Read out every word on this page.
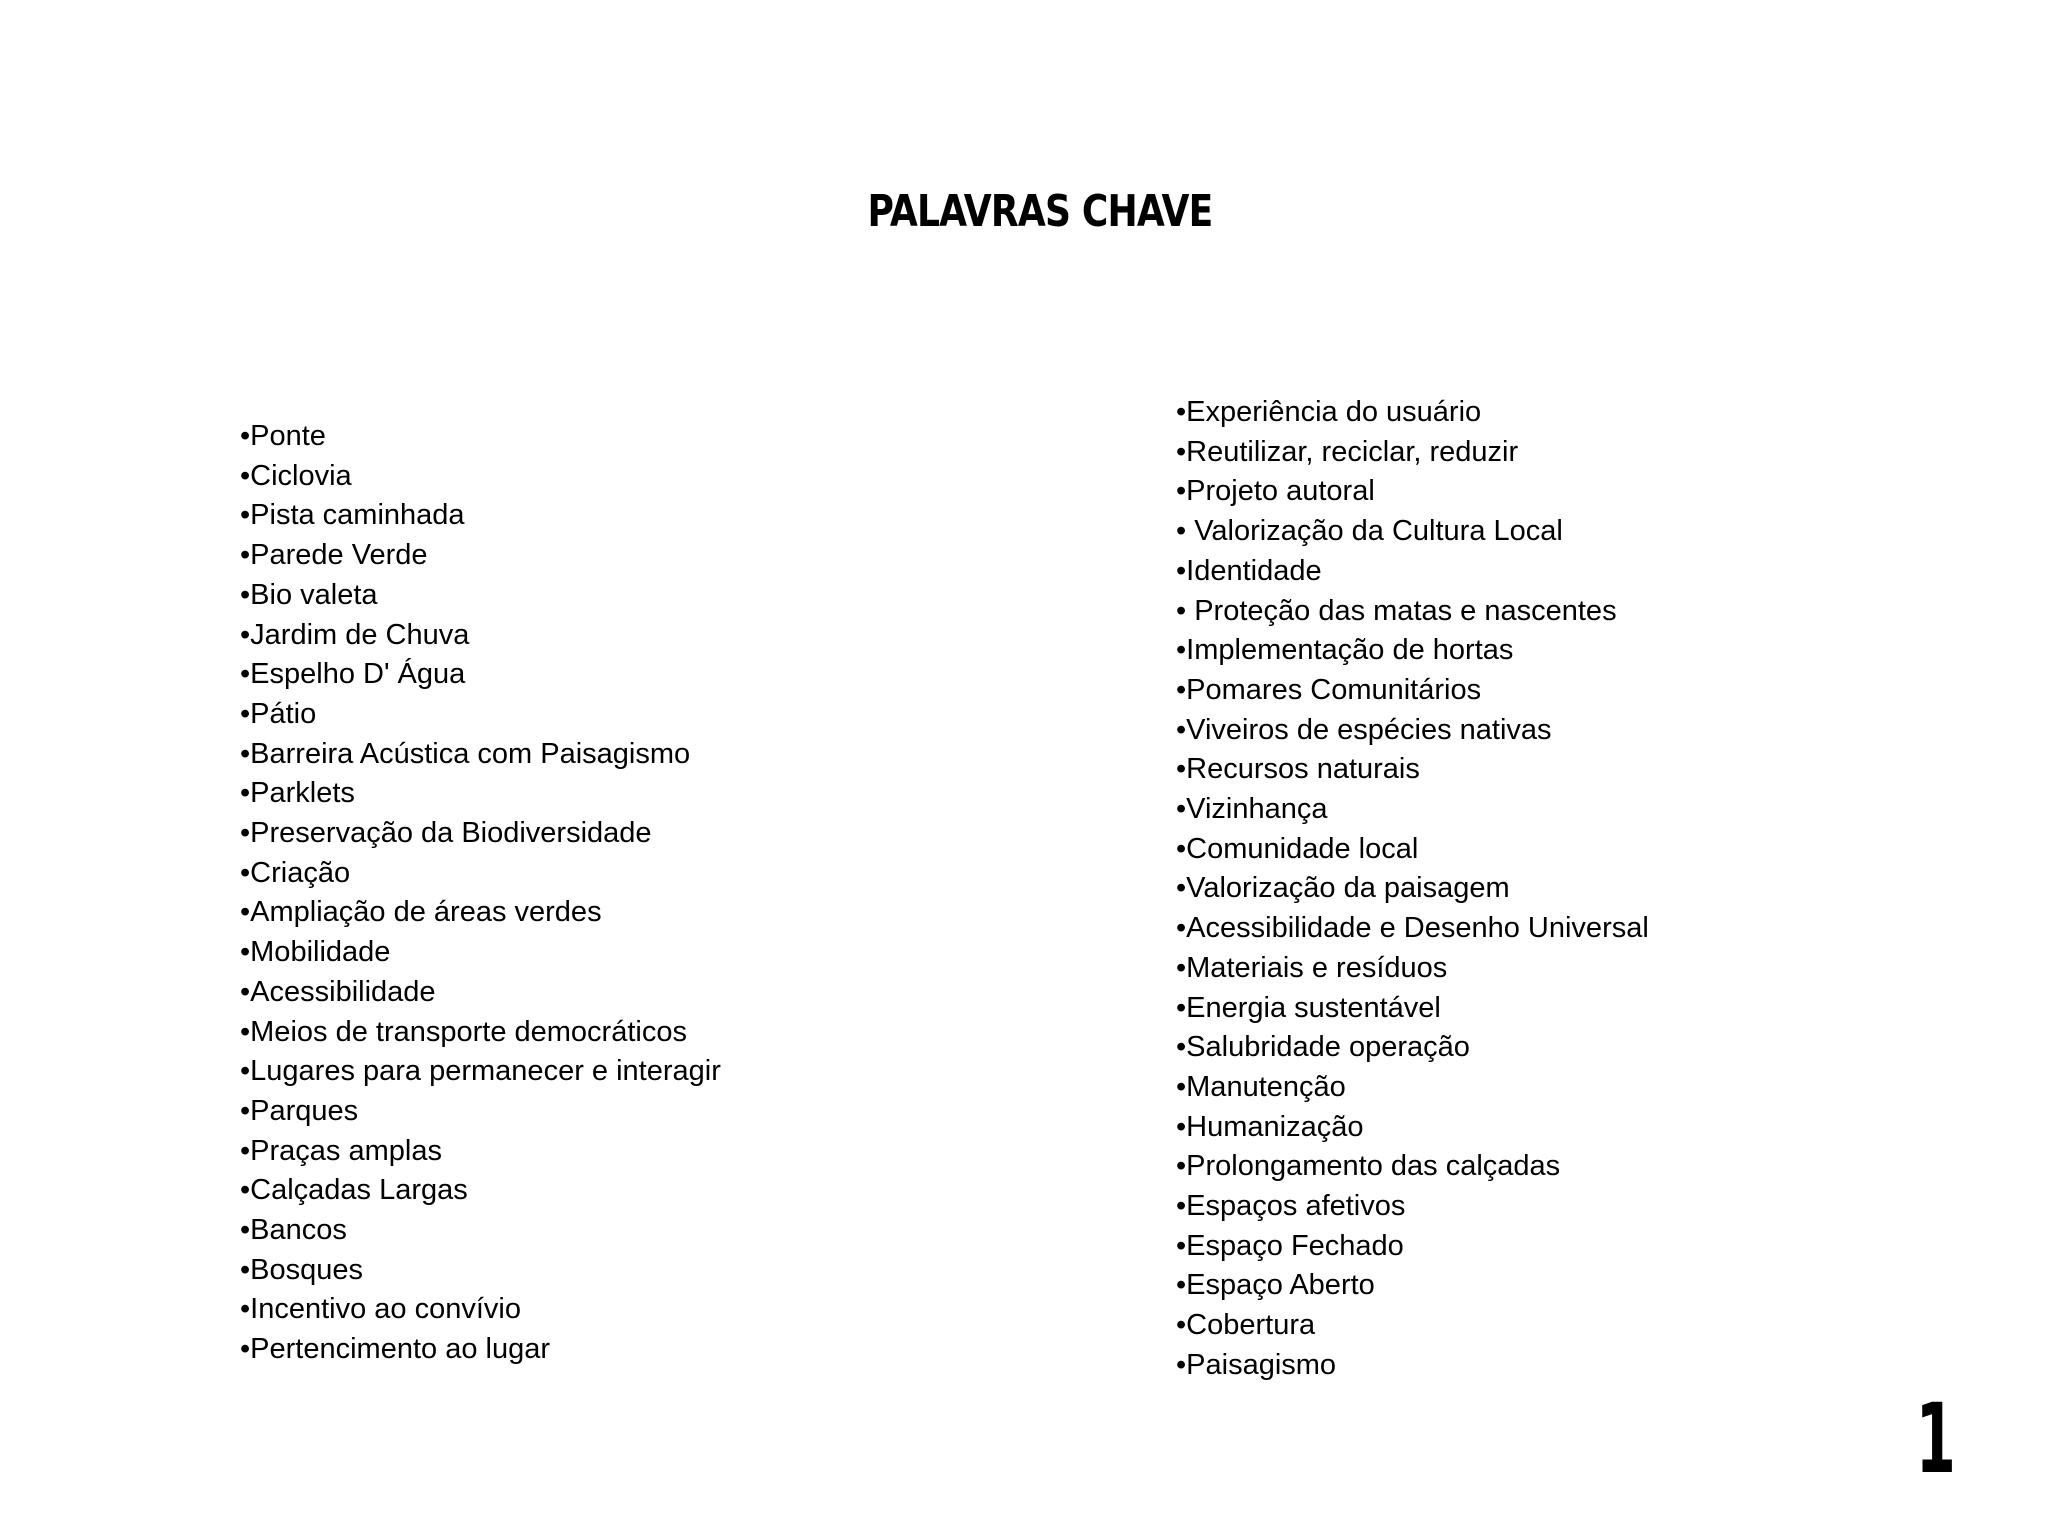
PALAVRAS CHAVE
•Ponte
•Ciclovia
•Pista caminhada
•Parede Verde
•Bio valeta
•Jardim de Chuva
•Espelho D' Água
•Pátio
•Barreira Acústica com Paisagismo
•Parklets
•Preservação da Biodiversidade
•Criação
•Ampliação de áreas verdes
•Mobilidade
•Acessibilidade
•Meios de transporte democráticos
•Lugares para permanecer e interagir
•Parques
•Praças amplas
•Calçadas Largas
•Bancos
•Bosques
•Incentivo ao convívio
•Pertencimento ao lugar
•Experiência do usuário
•Reutilizar, reciclar, reduzir
•Projeto autoral
• Valorização da Cultura Local
•Identidade
• Proteção das matas e nascentes
•Implementação de hortas
•Pomares Comunitários
•Viveiros de espécies nativas
•Recursos naturais
•Vizinhança
•Comunidade local
•Valorização da paisagem
•Acessibilidade e Desenho Universal
•Materiais e resíduos
•Energia sustentável
•Salubridade operação
•Manutenção
•Humanização
•Prolongamento das calçadas
•Espaços afetivos
•Espaço Fechado
•Espaço Aberto
•Cobertura
•Paisagismo
1
